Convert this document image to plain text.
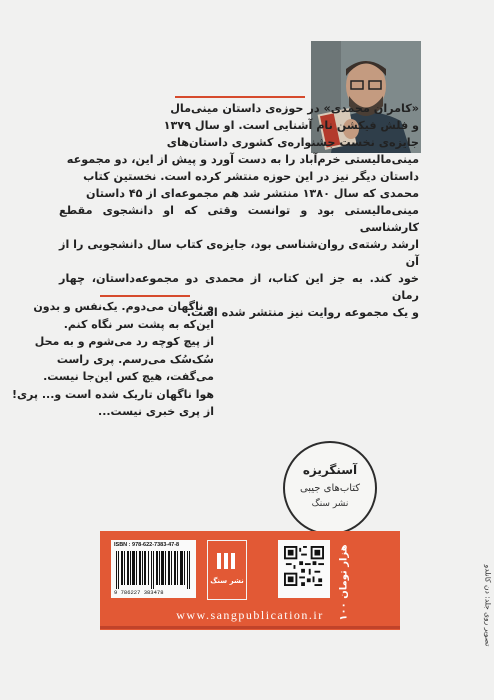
«کامران محمدی» در حوزه‌ی داستان مینی‌مال
و فلش فیکشن نام آشنایی است. او سال ۱۳۷۹
جایزه‌ی نخست جشنواره‌ی کشوری داستان‌های
مینی‌مالیستی خرم‌آباد را به دست آورد و پیش از این، دو مجموعه
داستان دیگر نیز در این حوزه منتشر کرده است. نخستین کتاب
محمدی که سال ۱۳۸۰ منتشر شد هم مجموعه‌ای از ۴۵ داستان
مینی‌مالیستی بود و توانست وقتی که او دانشجوی مقطع کارشناسی
ارشد رشته‌ی روان‌شناسی بود، جایزه‌ی کتاب سال دانشجویی را از آن
خود کند. به جز این کتاب، از محمدی دو مجموعه‌داستان، چهار رمان
و یک مجموعه روایت نیز منتشر شده است.
و ناگهان می‌دوم. یک‌نفس و بدون
این‌که به پشت سر نگاه کنم.
از پیچ کوچه رد می‌شوم و به محل
سُک‌سُک می‌رسم. پری راست
می‌گفت، هیچ کس این‌جا نیست.
هوا ناگهان تاریک شده است و... پری!
از پری خبری نیست...
آسنگریزه
کتاب‌های جیبی
نشر سنگ
ISBN : 978-622-7383-47-8
9 786227 383478
نشر سنگ
۱۰۰ هزار تومان
www.sangpublication.ir	تصویر روی جلد: دن کانلدو
